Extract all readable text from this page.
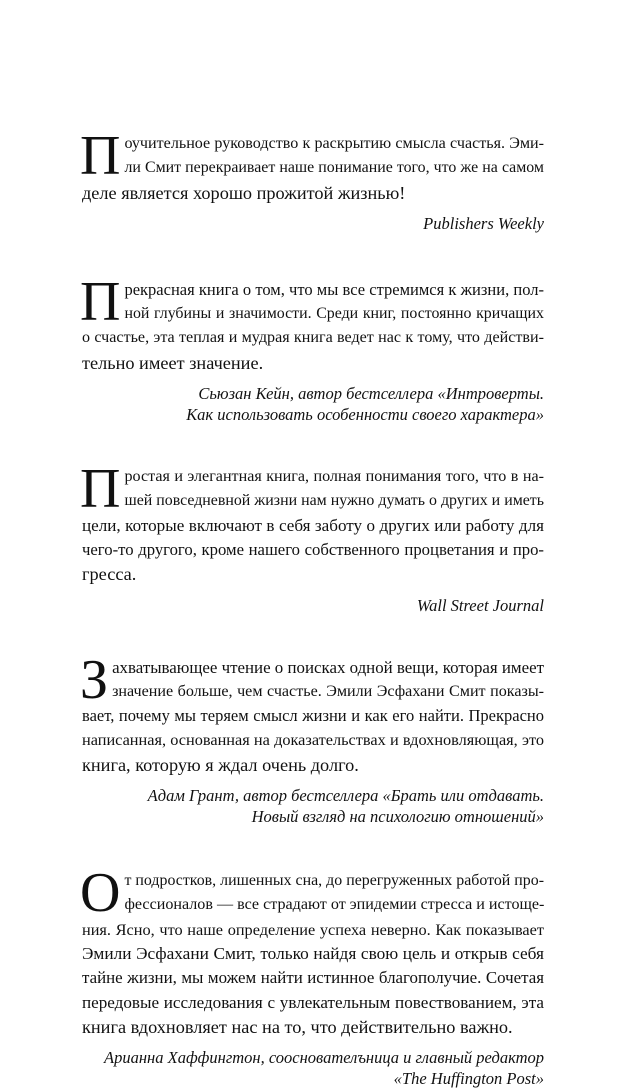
П оучительное руководство к раскрытию смысла счастья. Эми-
ли Смит перекраивает наше понимание того, что же на самом
деле является хорошо прожитой жизнью!

Publishers Weekly

П рекрасная книга о том, что мы все стремимся к жизни, пол-
ной глубины и значимости. Среди книг, постоянно кричащих
о счастье, эта теплая и мудрая книга ведет нас к тому, что действи-
тельно имеет значение.

Сьюзан Кейн, автор бестселлера «Интроверты.
Как использовать особенности своего характера»

П ростая и элегантная книга, полная понимания того, что в на-
шей повседневной жизни нам нужно думать о других и иметь
цели, которые включают в себя заботу о других или работу для
чего-то другого, кроме нашего собственного процветания и про-
гресса.

Wall Street Journal

З ахватывающее чтение о поисках одной вещи, которая имеет
значение больше, чем счастье. Эмили Эсфахани Смит показы-
вает, почему мы теряем смысл жизни и как его найти. Прекрасно
написанная, основанная на доказательствах и вдохновляющая, это
книга, которую я ждал очень долго.

Адам Грант, автор бестселлера «Брать или отдавать.
Новый взгляд на психологию отношений»

О т подростков, лишенных сна, до перегруженных работой про-
фессионалов — все страдают от эпидемии стресса и истоще-
ния. Ясно, что наше определение успеха неверно. Как показывает
Эмили Эсфахани Смит, только найдя свою цель и открыв себя
тайне жизни, мы можем найти истинное благополучие. Сочетая
передовые исследования с увлекательным повествованием, эта
книга вдохновляет нас на то, что действительно важно.

Арианна Хаффингтон, сооснователъница и главный редактор
«The Huffington Post»
